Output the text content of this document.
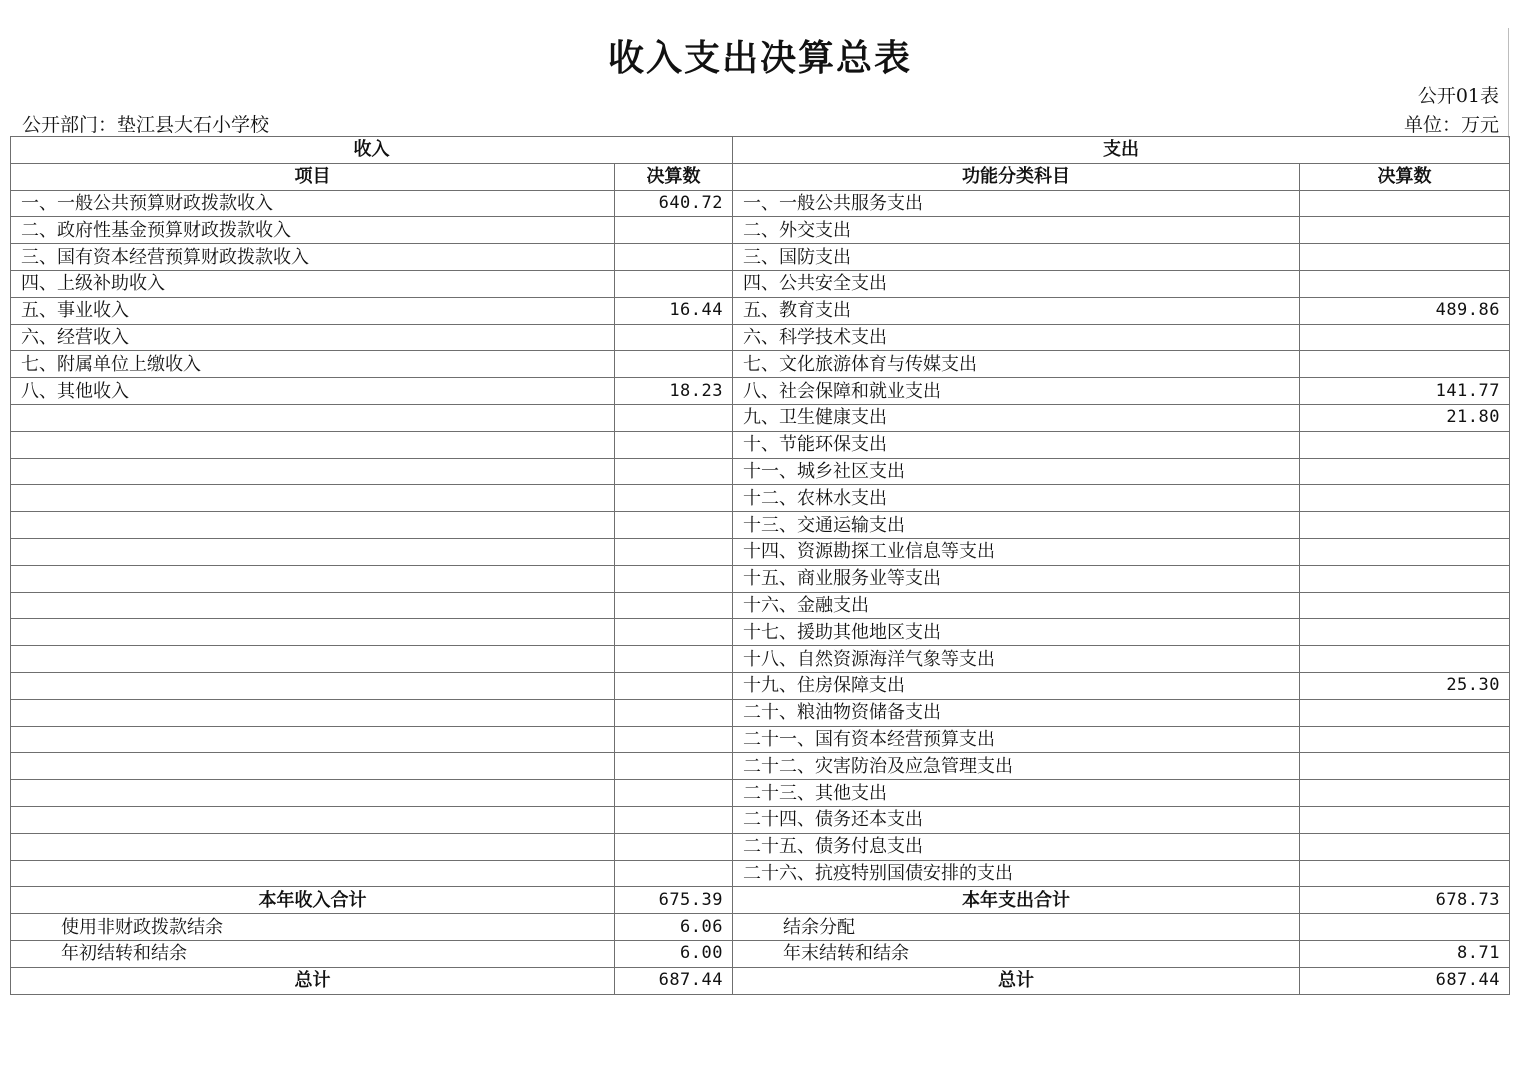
收入支出决算总表
公开01表
公开部门：垫江县大石小学校	单位：万元
收入		支出	
项目	决算数	功能分类科目	决算数
一、一般公共预算财政拨款收入	640.72	一、一般公共服务支出	
二、政府性基金预算财政拨款收入		二、外交支出	
三、国有资本经营预算财政拨款收入		三、国防支出	
四、上级补助收入		四、公共安全支出	
五、事业收入	16.44	五、教育支出	489.86
六、经营收入		六、科学技术支出	
七、附属单位上缴收入		七、文化旅游体育与传媒支出	
八、其他收入	18.23	八、社会保障和就业支出	141.77
		九、卫生健康支出	21.80
		十、节能环保支出	
		十一、城乡社区支出	
		十二、农林水支出	
		十三、交通运输支出	
		十四、资源勘探工业信息等支出	
		十五、商业服务业等支出	
		十六、金融支出	
		十七、援助其他地区支出	
		十八、自然资源海洋气象等支出	
		十九、住房保障支出	25.30
		二十、粮油物资储备支出	
		二十一、国有资本经营预算支出	
		二十二、灾害防治及应急管理支出	
		二十三、其他支出	
		二十四、债务还本支出	
		二十五、债务付息支出	
		二十六、抗疫特别国债安排的支出	
本年收入合计	675.39	本年支出合计	678.73
使用非财政拨款结余	6.06	结余分配	
年初结转和结余	6.00	年末结转和结余	8.71
总计	687.44	总计	687.44
